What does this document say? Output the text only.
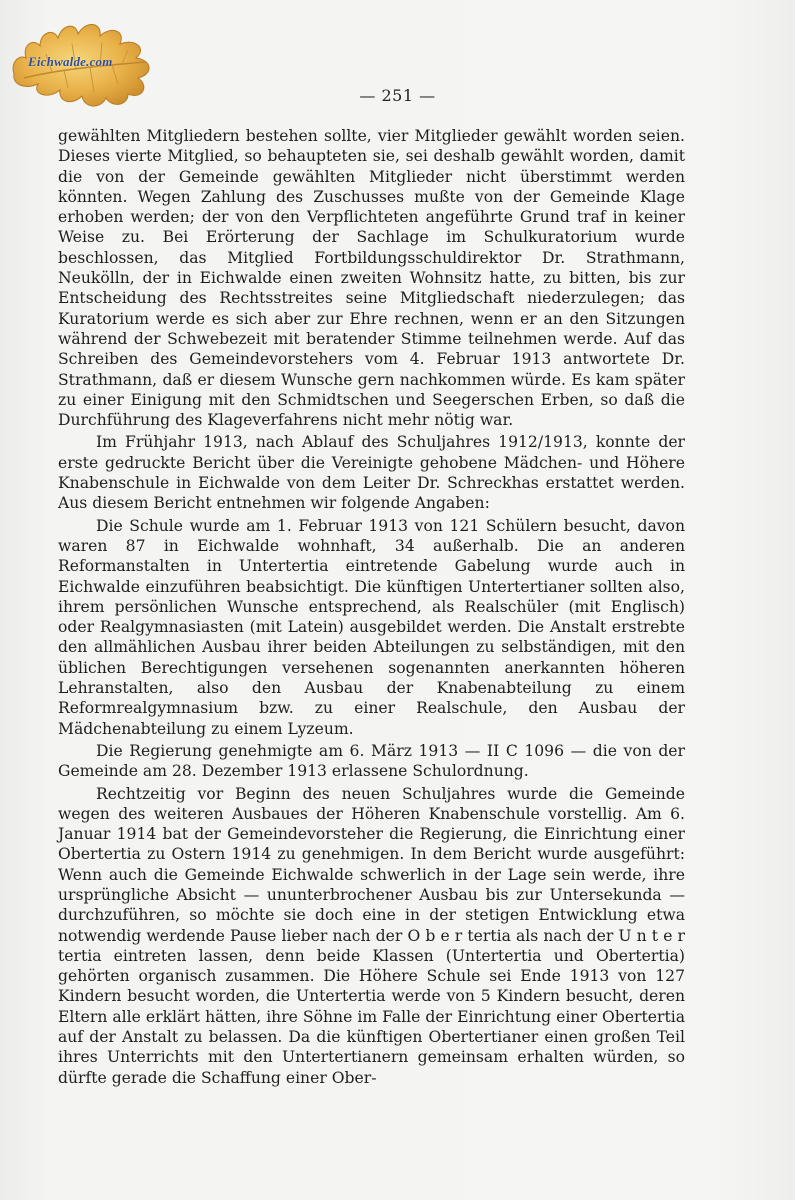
Eichwalde.com
— 251 —

gewählten Mitgliedern bestehen sollte, vier Mitglieder gewählt worden seien. Dieses vierte Mitglied, so behaupteten sie, sei deshalb gewählt worden, damit die von der Gemeinde gewählten Mitglieder nicht überstimmt werden könnten. Wegen Zahlung des Zuschusses mußte von der Gemeinde Klage erhoben werden; der von den Verpflichteten angeführte Grund traf in keiner Weise zu. Bei Erörterung der Sachlage im Schulkuratorium wurde beschlossen, das Mitglied Fortbildungsschuldirektor Dr. Strathmann, Neukölln, der in Eichwalde einen zweiten Wohnsitz hatte, zu bitten, bis zur Entscheidung des Rechtsstreites seine Mitgliedschaft niederzulegen; das Kuratorium werde es sich aber zur Ehre rechnen, wenn er an den Sitzungen während der Schwebezeit mit beratender Stimme teilnehmen werde. Auf das Schreiben des Gemeindevorstehers vom 4. Februar 1913 antwortete Dr. Strathmann, daß er diesem Wunsche gern nachkommen würde. Es kam später zu einer Einigung mit den Schmidtschen und Seegerschen Erben, so daß die Durchführung des Klageverfahrens nicht mehr nötig war.

Im Frühjahr 1913, nach Ablauf des Schuljahres 1912/1913, konnte der erste gedruckte Bericht über die Vereinigte gehobene Mädchen- und Höhere Knabenschule in Eichwalde von dem Leiter Dr. Schreckhas erstattet werden. Aus diesem Bericht entnehmen wir folgende Angaben:

Die Schule wurde am 1. Februar 1913 von 121 Schülern besucht, davon waren 87 in Eichwalde wohnhaft, 34 außerhalb. Die an anderen Reformanstalten in Untertertia eintretende Gabelung wurde auch in Eichwalde einzuführen beabsichtigt. Die künftigen Untertertianer sollten also, ihrem persönlichen Wunsche entsprechend, als Realschüler (mit Englisch) oder Realgymnasiasten (mit Latein) ausgebildet werden. Die Anstalt erstrebte den allmählichen Ausbau ihrer beiden Abteilungen zu selbständigen, mit den üblichen Berechtigungen versehenen sogenannten anerkannten höheren Lehranstalten, also den Ausbau der Knabenabteilung zu einem Reformrealgymnasium bzw. zu einer Realschule, den Ausbau der Mädchenabteilung zu einem Lyzeum.

Die Regierung genehmigte am 6. März 1913 — II C 1096 — die von der Gemeinde am 28. Dezember 1913 erlassene Schulordnung.

Rechtzeitig vor Beginn des neuen Schuljahres wurde die Gemeinde wegen des weiteren Ausbaues der Höheren Knabenschule vorstellig. Am 6. Januar 1914 bat der Gemeindevorsteher die Regierung, die Einrichtung einer Obertertia zu Ostern 1914 zu genehmigen. In dem Bericht wurde ausgeführt: Wenn auch die Gemeinde Eichwalde schwerlich in der Lage sein werde, ihre ursprüngliche Absicht — ununterbrochener Ausbau bis zur Untersekunda — durchzuführen, so möchte sie doch eine in der stetigen Entwicklung etwa notwendig werdende Pause lieber nach der O b e r tertia als nach der U n t e r tertia eintreten lassen, denn beide Klassen (Untertertia und Obertertia) gehörten organisch zusammen. Die Höhere Schule sei Ende 1913 von 127 Kindern besucht worden, die Untertertia werde von 5 Kindern besucht, deren Eltern alle erklärt hätten, ihre Söhne im Falle der Einrichtung einer Obertertia auf der Anstalt zu belassen. Da die künftigen Obertertianer einen großen Teil ihres Unterrichts mit den Untertertianern gemeinsam erhalten würden, so dürfte gerade die Schaffung einer Ober-
